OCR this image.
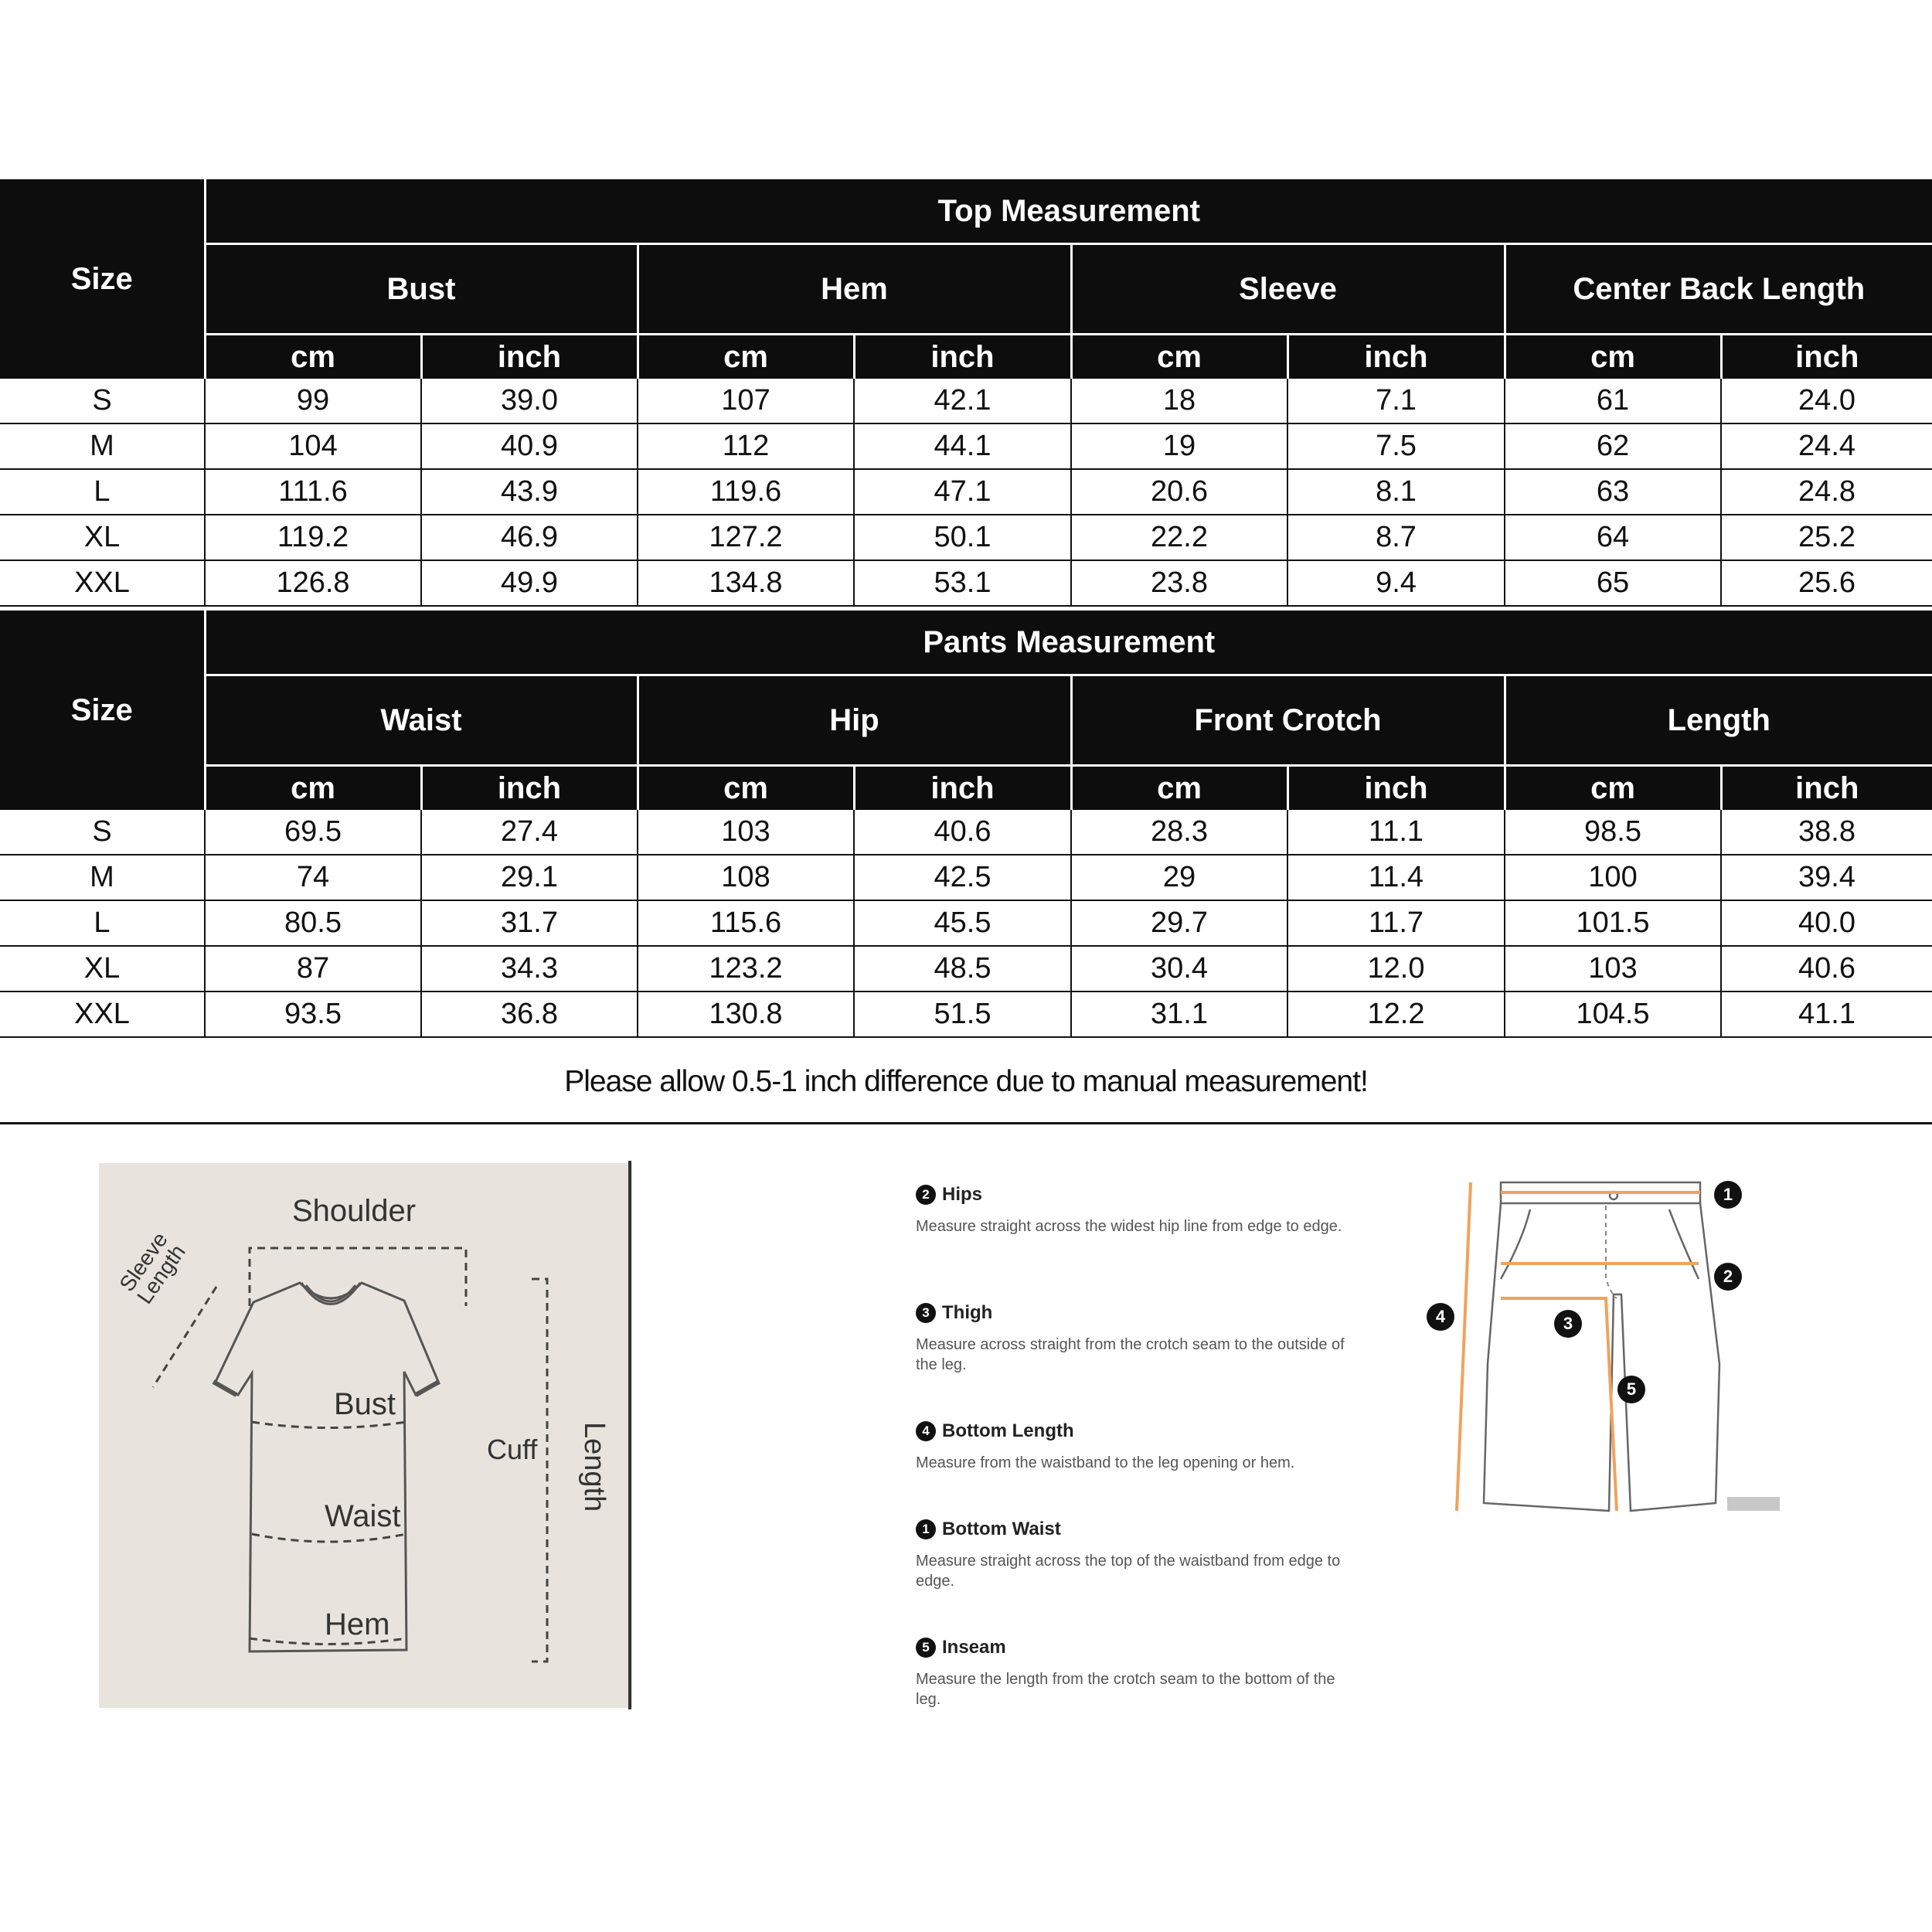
Size	Top Measurement							
	Bust		Hem		Sleeve		Center Back Length	
	cm	inch	cm	inch	cm	inch	cm	inch
S	99	39.0	107	42.1	18	7.1	61	24.0
M	104	40.9	112	44.1	19	7.5	62	24.4
L	111.6	43.9	119.6	47.1	20.6	8.1	63	24.8
XL	119.2	46.9	127.2	50.1	22.2	8.7	64	25.2
XXL	126.8	49.9	134.8	53.1	23.8	9.4	65	25.6
Size	Pants Measurement							
	Waist		Hip		Front Crotch		Length	
	cm	inch	cm	inch	cm	inch	cm	inch
S	69.5	27.4	103	40.6	28.3	11.1	98.5	38.8
M	74	29.1	108	42.5	29	11.4	100	39.4
L	80.5	31.7	115.6	45.5	29.7	11.7	101.5	40.0
XL	87	34.3	123.2	48.5	30.4	12.0	103	40.6
XXL	93.5	36.8	130.8	51.5	31.1	12.2	104.5	41.1
Please allow 0.5-1 inch difference due to manual measurement!
Shoulder
Sleeve Length
Bust
Cuff
Waist
Hem
Length
2 Hips
Measure straight across the widest hip line from edge to edge.
3 Thigh
Measure across straight from the crotch seam to the outside of the leg.
4 Bottom Length
Measure from the waistband to the leg opening or hem.
1 Bottom Waist
Measure straight across the top of the waistband from edge to edge.
5 Inseam
Measure the length from the crotch seam to the bottom of the leg.
1
2
3
4
5
